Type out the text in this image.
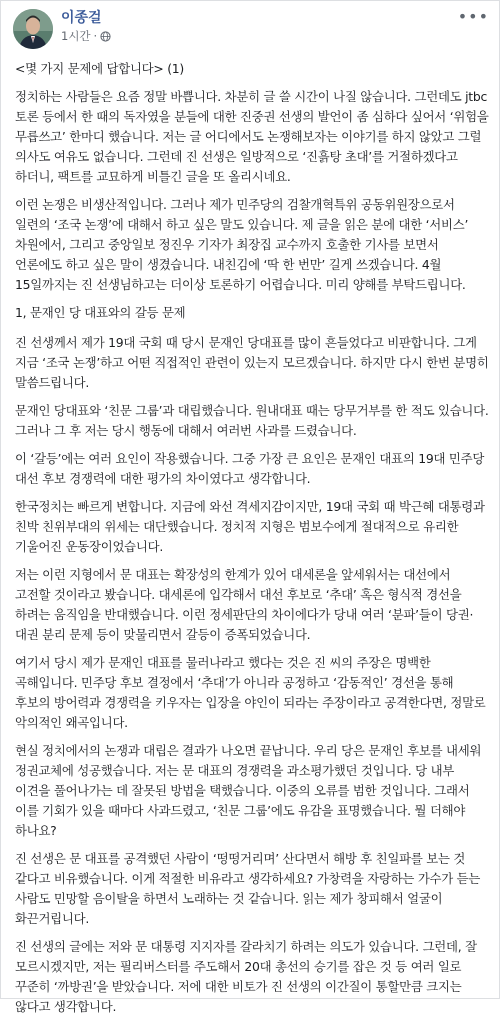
이종걸
1시간 ·
•••

<몇 가지 문제에 답합니다> (1)

정치하는 사람들은 요즘 정말 바쁩니다. 차분히 글 쓸 시간이 나질 않습니다. 그런데도 jtbc 토론 등에서 한 때의 독자였을 분들에 대한 진중권 선생의 발언이 좀 심하다 싶어서 ‘위험을 무릅쓰고’ 한마디 했습니다. 저는 글 어디에서도 논쟁해보자는 이야기를 하지 않았고 그럴 의사도 여유도 없습니다. 그런데 진 선생은 일방적으로 ‘진흙탕 초대’를 거절하겠다고 하더니, 팩트를 교묘하게 비틀긴 글을 또 올리시네요.

이런 논쟁은 비생산적입니다. 그러나 제가 민주당의 검찰개혁특위 공동위원장으로서 일련의 ‘조국 논쟁’에 대해서 하고 싶은 말도 있습니다. 제 글을 읽은 분에 대한 ‘서비스’ 차원에서, 그리고 중앙일보 정진우 기자가 최장집 교수까지 호출한 기사를 보면서 언론에도 하고 싶은 말이 생겼습니다. 내친김에 ‘딱 한 번만’ 길게 쓰겠습니다. 4월 15일까지는 진 선생님하고는 더이상 토론하기 어렵습니다. 미리 양해를 부탁드립니다.

1, 문재인 당 대표와의 갈등 문제

진 선생께서 제가 19대 국회 때 당시 문재인 당대표를 많이 흔들었다고 비판합니다. 그게 지금 ‘조국 논쟁’하고 어떤 직접적인 관련이 있는지 모르겠습니다. 하지만 다시 한번 분명히 말씀드립니다.

문재인 당대표와 ‘친문 그룹’과 대립했습니다. 원내대표 때는 당무거부를 한 적도 있습니다. 그러나 그 후 저는 당시 행동에 대해서 여러번 사과를 드렸습니다.

이 ‘갈등’에는 여러 요인이 작용했습니다. 그중 가장 큰 요인은 문재인 대표의 19대 민주당 대선 후보 경쟁력에 대한 평가의 차이였다고 생각합니다.

한국정치는 빠르게 변합니다. 지금에 와선 격세지감이지만, 19대 국회 때 박근혜 대통령과 친박 친위부대의 위세는 대단했습니다. 정치적 지형은 범보수에게 절대적으로 유리한 기울어진 운동장이었습니다.

저는 이런 지형에서 문 대표는 확장성의 한계가 있어 대세론을 앞세워서는 대선에서 고전할 것이라고 봤습니다. 대세론에 입각해서 대선 후보로 ‘추대’ 혹은 형식적 경선을 하려는 움직임을 반대했습니다. 이런 정세판단의 차이에다가 당내 여러 ‘분파’들이 당권·대권 분리 문제 등이 맞물리면서 갈등이 증폭되었습니다.

여기서 당시 제가 문재인 대표를 물러나라고 했다는 것은 진 씨의 주장은 명백한 곡해입니다. 민주당 후보 결정에서 ‘추대’가 아니라 공정하고 ‘감동적인’ 경선을 통해 후보의 방어력과 경쟁력을 키우자는 입장을 야인이 되라는 주장이라고 공격한다면, 정말로 악의적인 왜곡입니다.

현실 정치에서의 논쟁과 대립은 결과가 나오면 끝납니다. 우리 당은 문재인 후보를 내세워 정권교체에 성공했습니다. 저는 문 대표의 경쟁력을 과소평가했던 것입니다. 당 내부 이견을 풀어나가는 데 잘못된 방법을 택했습니다. 이중의 오류를 범한 것입니다. 그래서 이를 기회가 있을 때마다 사과드렸고, ‘친문 그룹’에도 유감을 표명했습니다. 뭘 더해야 하나요?

진 선생은 문 대표를 공격했던 사람이 ‘떵떵거리며’ 산다면서 해방 후 친일파를 보는 것 같다고 비유했습니다. 이게 적절한 비유라고 생각하세요? 가창력을 자랑하는 가수가 듣는 사람도 민망할 음이탈을 하면서 노래하는 것 같습니다. 읽는 제가 창피해서 얼굴이 화끈거립니다.

진 선생의 글에는 저와 문 대통령 지지자를 갈라치기 하려는 의도가 있습니다. 그런데, 잘 모르시겠지만, 저는 필리버스터를 주도해서 20대 총선의 승기를 잡은 것 등 여러 일로 꾸준히 ‘까방권’을 받았습니다. 저에 대한 비토가 진 선생의 이간질이 통할만큼 크지는 않다고 생각합니다.
